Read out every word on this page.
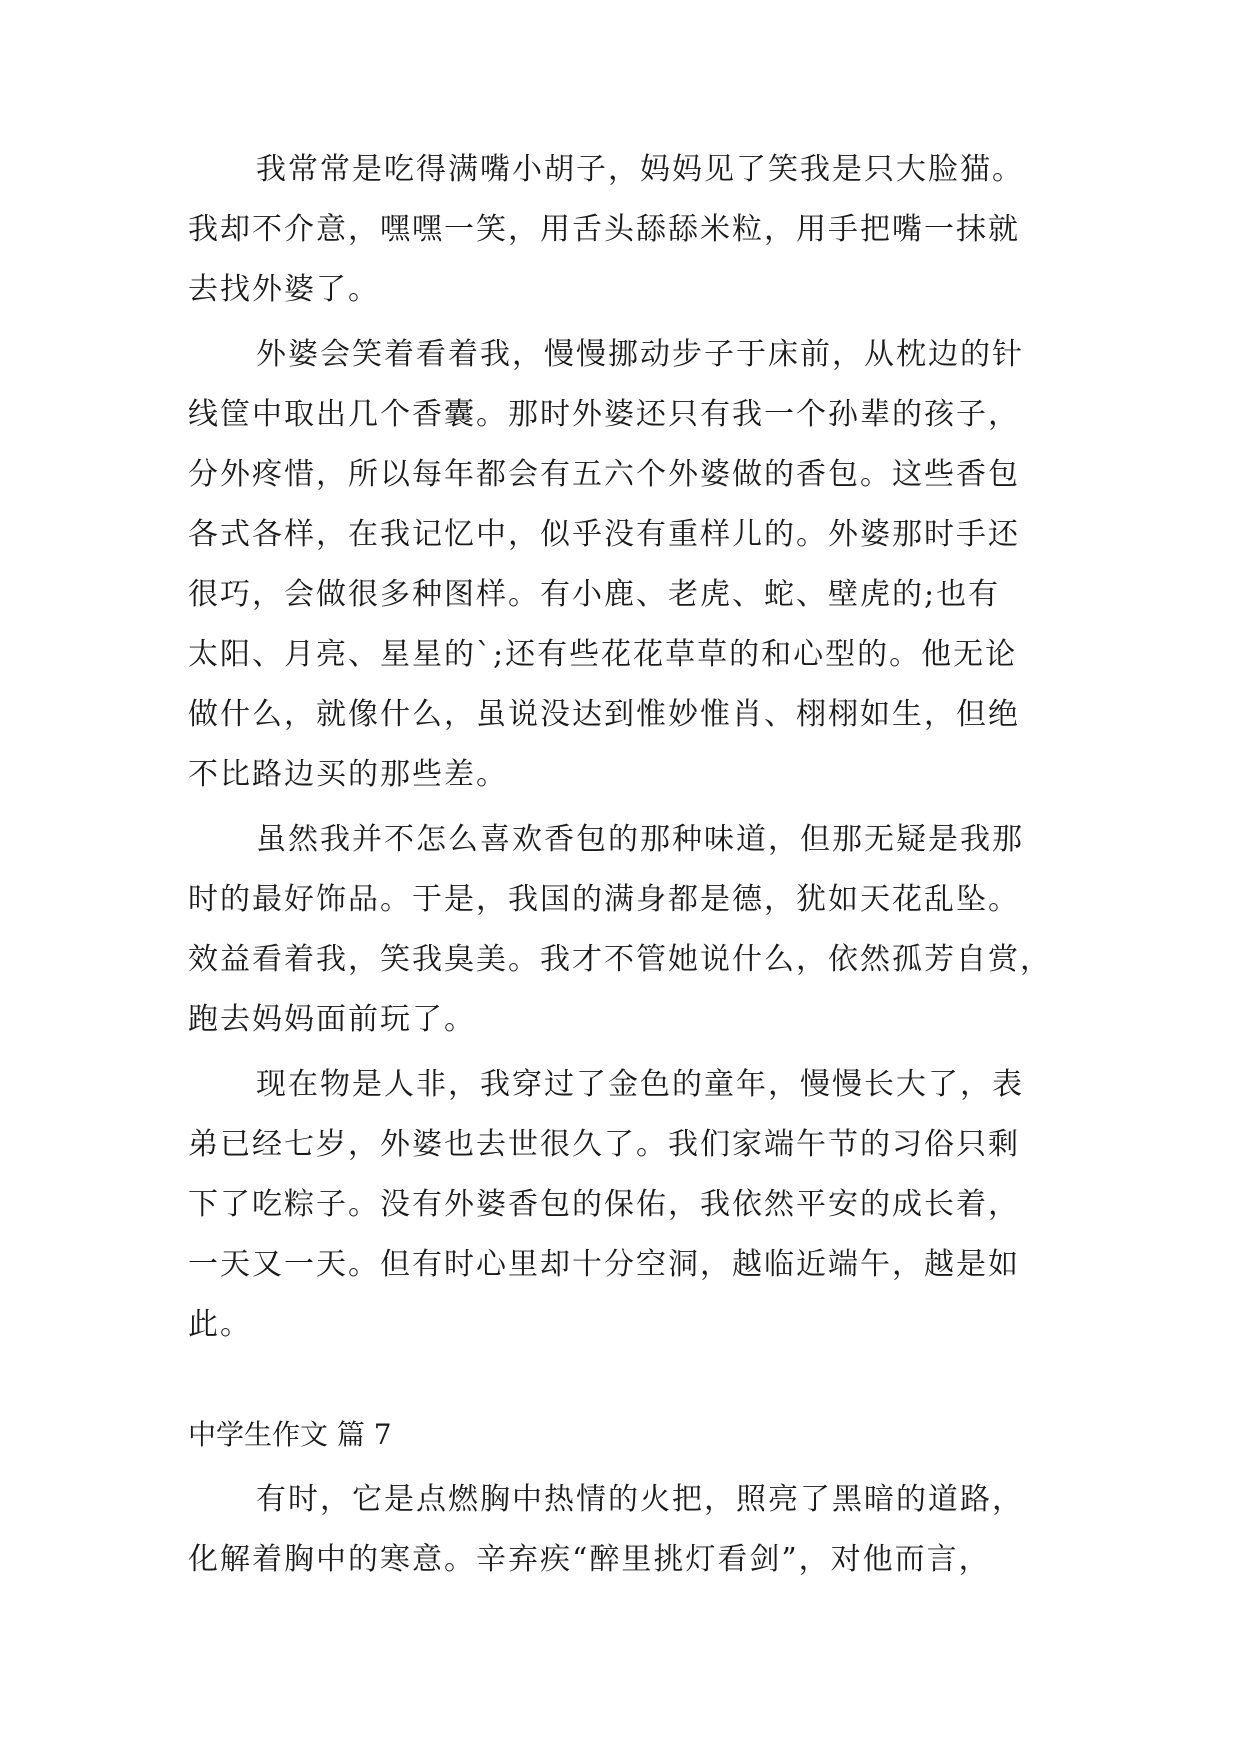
我常常是吃得满嘴小胡子，妈妈见了笑我是只大脸猫。
我却不介意，嘿嘿一笑，用舌头舔舔米粒，用手把嘴一抹就
去找外婆了。
外婆会笑着看着我，慢慢挪动步子于床前，从枕边的针
线筐中取出几个香囊。那时外婆还只有我一个孙辈的孩子，
分外疼惜，所以每年都会有五六个外婆做的香包。这些香包
各式各样，在我记忆中，似乎没有重样儿的。外婆那时手还
很巧，会做很多种图样。有小鹿、老虎、蛇、壁虎的;也有
太阳、月亮、星星的`;还有些花花草草的和心型的。他无论
做什么，就像什么，虽说没达到惟妙惟肖、栩栩如生，但绝
不比路边买的那些差。
虽然我并不怎么喜欢香包的那种味道，但那无疑是我那
时的最好饰品。于是，我国的满身都是德，犹如天花乱坠。
效益看着我，笑我臭美。我才不管她说什么，依然孤芳自赏，
跑去妈妈面前玩了。
现在物是人非，我穿过了金色的童年，慢慢长大了，表
弟已经七岁，外婆也去世很久了。我们家端午节的习俗只剩
下了吃粽子。没有外婆香包的保佑，我依然平安的成长着，
一天又一天。但有时心里却十分空洞，越临近端午，越是如
此。
中学生作文 篇 7
有时，它是点燃胸中热情的火把，照亮了黑暗的道路，
化解着胸中的寒意。辛弃疾“醉里挑灯看剑”，对他而言，
